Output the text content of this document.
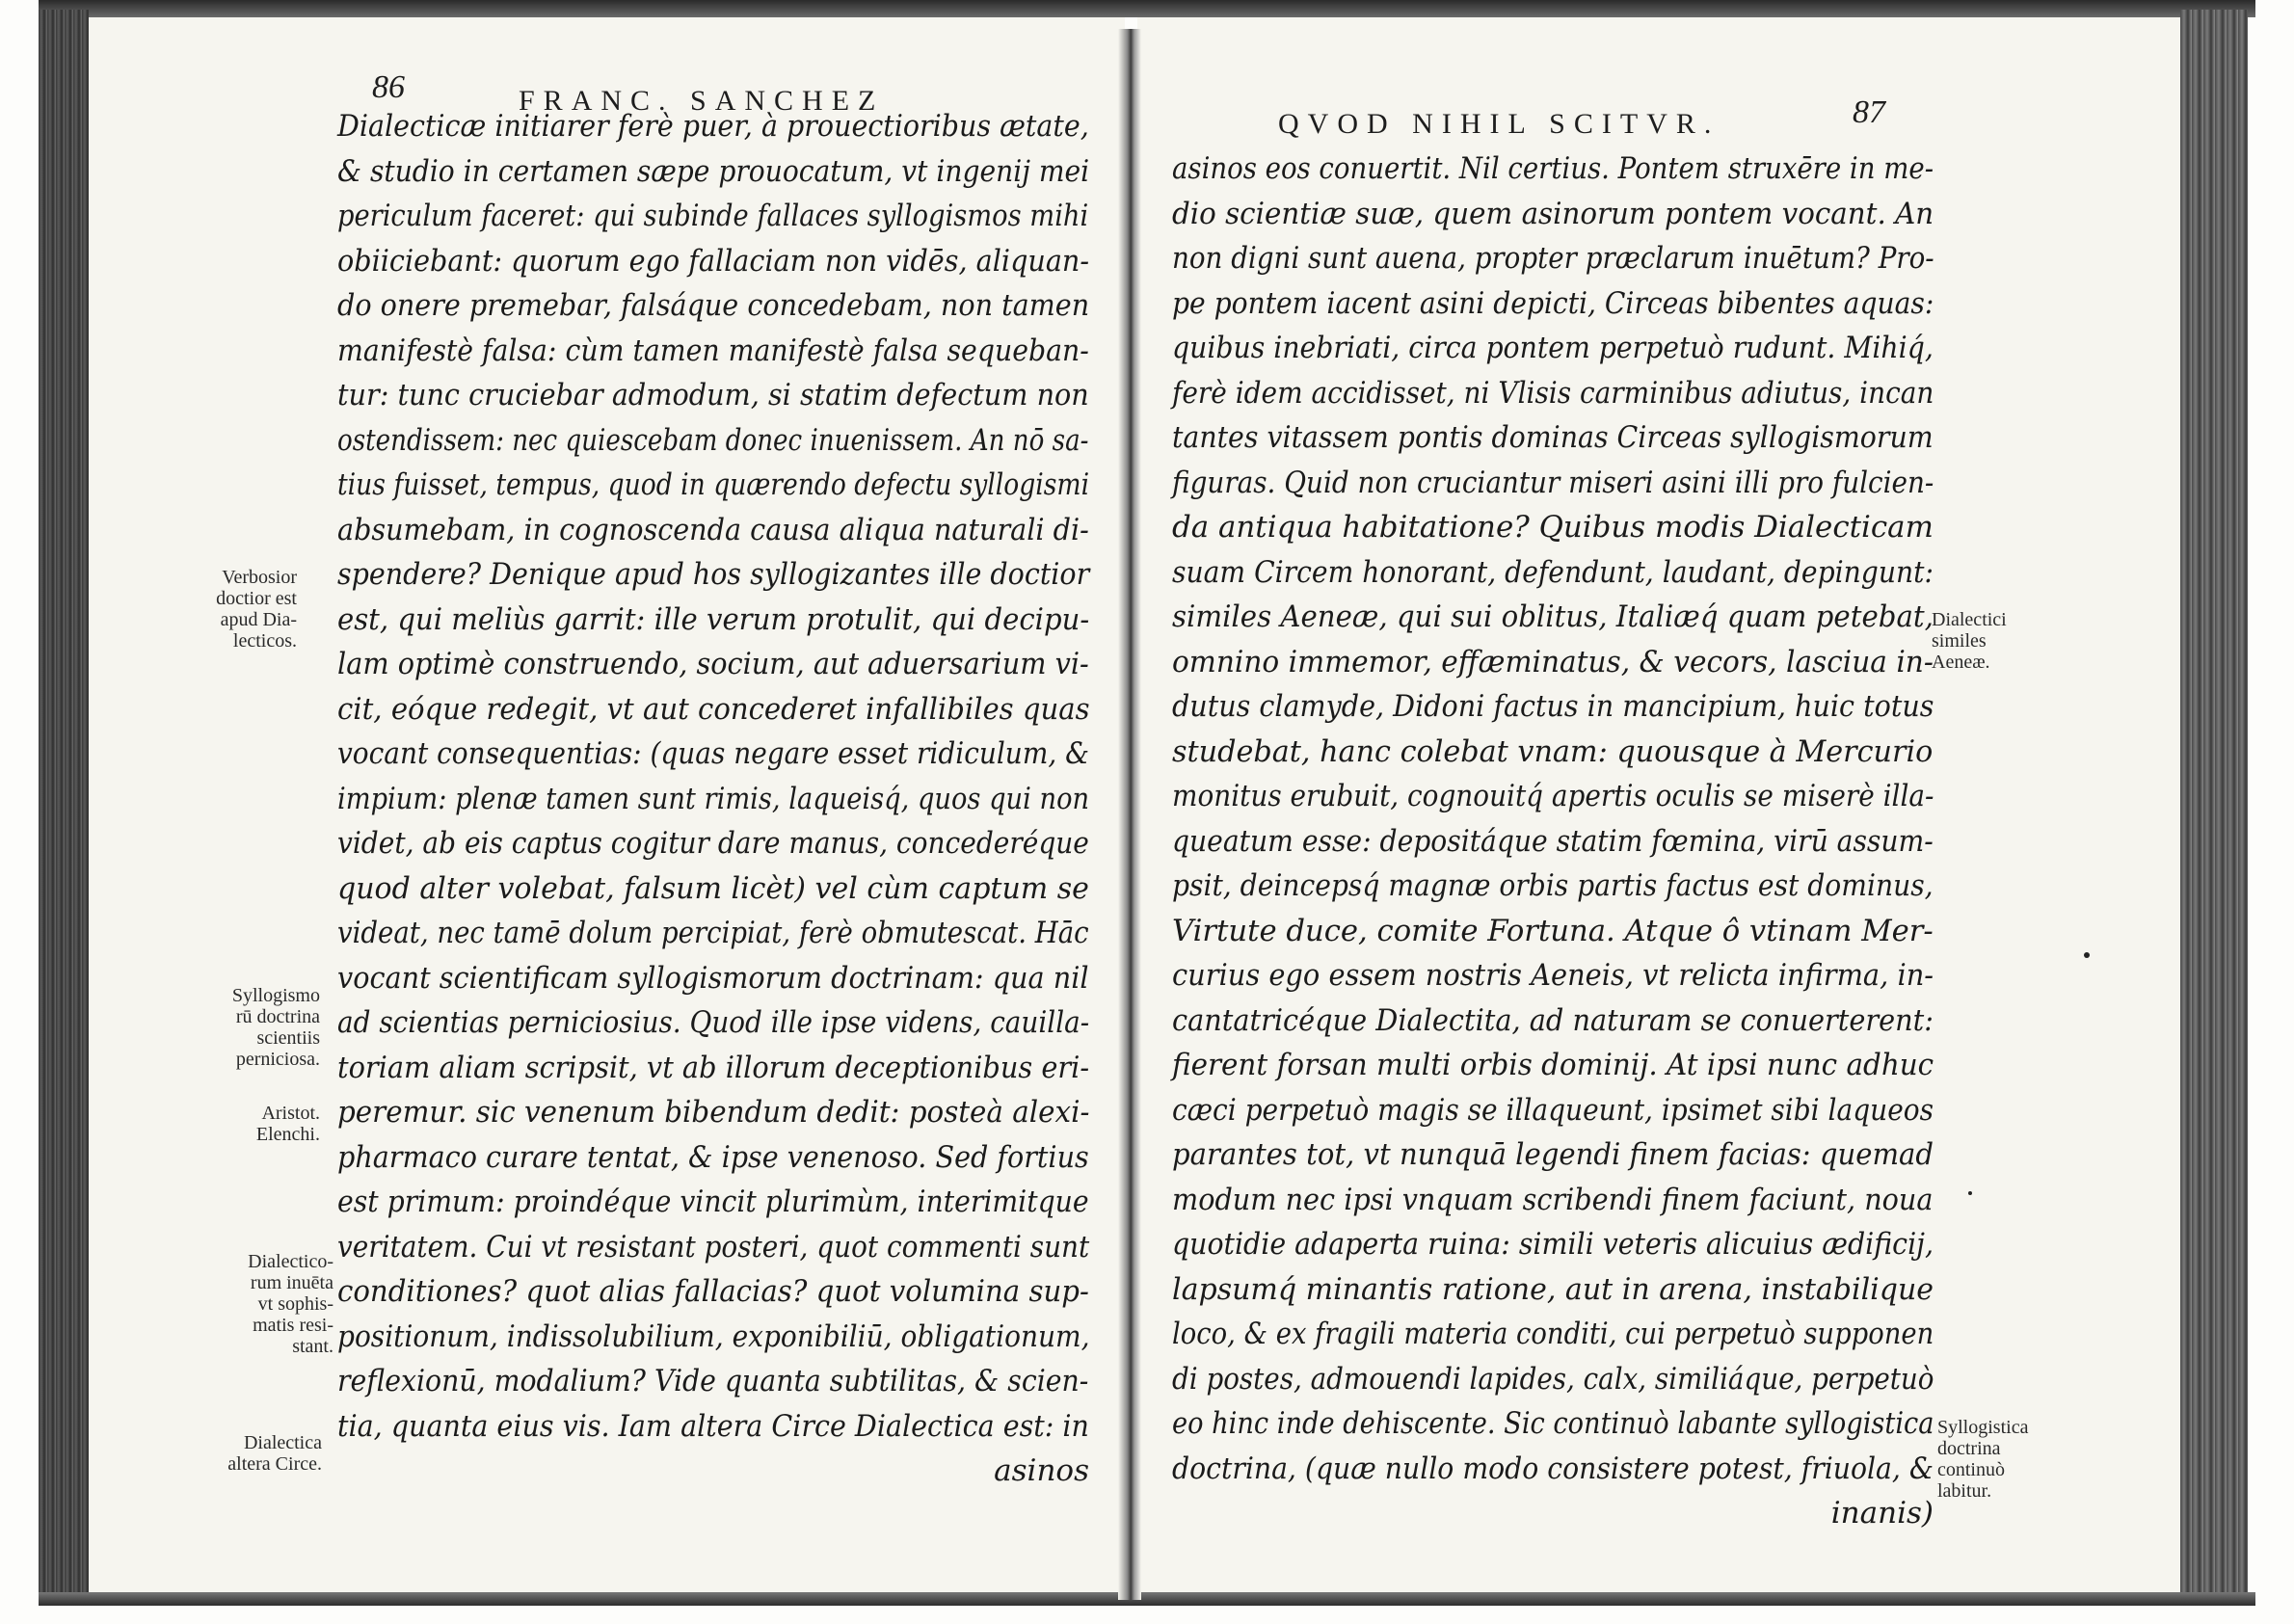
86	FRANC. SANCHEZ
Dialecticæ initiarer ferè puer, à prouectioribus ætate,
& studio in certamen sæpe prouocatum, vt ingenij mei
periculum faceret: qui subinde fallaces syllogismos mihi
obiiciebant: quorum ego fallaciam non vidēs, aliquan-
do onere premebar, falsáque concedebam, non tamen
manifestè falsa: cùm tamen manifestè falsa sequeban-
tur: tunc cruciebar admodum, si statim defectum non
ostendissem: nec quiescebam donec inuenissem. An nō sa-
tius fuisset, tempus, quod in quærendo defectu syllogismi
absumebam, in cognoscenda causa aliqua naturali di-
spendere? Denique apud hos syllogizantes ille doctior
est, qui meliùs garrit: ille verum protulit, qui decipu-
lam optimè construendo, socium, aut aduersarium vi-
cit, eóque redegit, vt aut concederet infallibiles quas
vocant consequentias: (quas negare esset ridiculum, &
impium: plenæ tamen sunt rimis, laqueisq́, quos qui non
videt, ab eis captus cogitur dare manus, concederéque
quod alter volebat, falsum licèt) vel cùm captum se
videat, nec tamē dolum percipiat, ferè obmutescat. Hāc
vocant scientificam syllogismorum doctrinam: qua nil
ad scientias perniciosius. Quod ille ipse videns, cauilla-
toriam aliam scripsit, vt ab illorum deceptionibus eri-
peremur. sic venenum bibendum dedit: posteà alexi-
pharmaco curare tentat, & ipse venenoso. Sed fortius
est primum: proindéque vincit plurimùm, interimitque
veritatem. Cui vt resistant posteri, quot commenti sunt
conditiones? quot alias fallacias? quot volumina sup-
positionum, indissolubilium, exponibiliū, obligationum,
reflexionū, modalium? Vide quanta subtilitas, & scien-
tia, quanta eius vis. Iam altera Circe Dialectica est: in
asinos
Verbosior
doctior est
apud Dia-
lecticos.
Syllogismo
rū doctrina
scientiis
perniciosa.
Aristot.
Elenchi.
Dialectico-
rum inuēta
vt sophis-
matis resi-
stant.
Dialectica
altera Circe.
QVOD NIHIL SCITVR.	87
asinos eos conuertit. Nil certius. Pontem struxēre in me-
dio scientiæ suæ, quem asinorum pontem vocant. An
non digni sunt auena, propter præclarum inuētum? Pro-
pe pontem iacent asini depicti, Circeas bibentes aquas:
quibus inebriati, circa pontem perpetuò rudunt. Mihiq́,
ferè idem accidisset, ni Vlisis carminibus adiutus, incan
tantes vitassem pontis dominas Circeas syllogismorum
figuras. Quid non cruciantur miseri asini illi pro fulcien-
da antiqua habitatione? Quibus modis Dialecticam
suam Circem honorant, defendunt, laudant, depingunt:
similes Aeneæ, qui sui oblitus, Italiæq́ quam petebat,
omnino immemor, effæminatus, & vecors, lasciua in-
dutus clamyde, Didoni factus in mancipium, huic totus
studebat, hanc colebat vnam: quousque à Mercurio
monitus erubuit, cognouitq́ apertis oculis se miserè illa-
queatum esse: depositáque statim fœmina, virū assum-
psit, deincepsq́ magnæ orbis partis factus est dominus,
Virtute duce, comite Fortuna. Atque ô vtinam Mer-
curius ego essem nostris Aeneis, vt relicta infirma, in-
cantatricéque Dialectita, ad naturam se conuerterent:
fierent forsan multi orbis dominij. At ipsi nunc adhuc
cæci perpetuò magis se illaqueunt, ipsimet sibi laqueos
parantes tot, vt nunquā legendi finem facias: quemad
modum nec ipsi vnquam scribendi finem faciunt, noua
quotidie adaperta ruina: simili veteris alicuius ædificij,
lapsumq́ minantis ratione, aut in arena, instabilique
loco, & ex fragili materia conditi, cui perpetuò supponen
di postes, admouendi lapides, calx, similiáque, perpetuò
eo hinc inde dehiscente. Sic continuò labante syllogistica
doctrina, (quæ nullo modo consistere potest, friuola, &
inanis)
Dialectici
similes
Aeneæ.
Syllogistica
doctrina
continuò
labitur.
